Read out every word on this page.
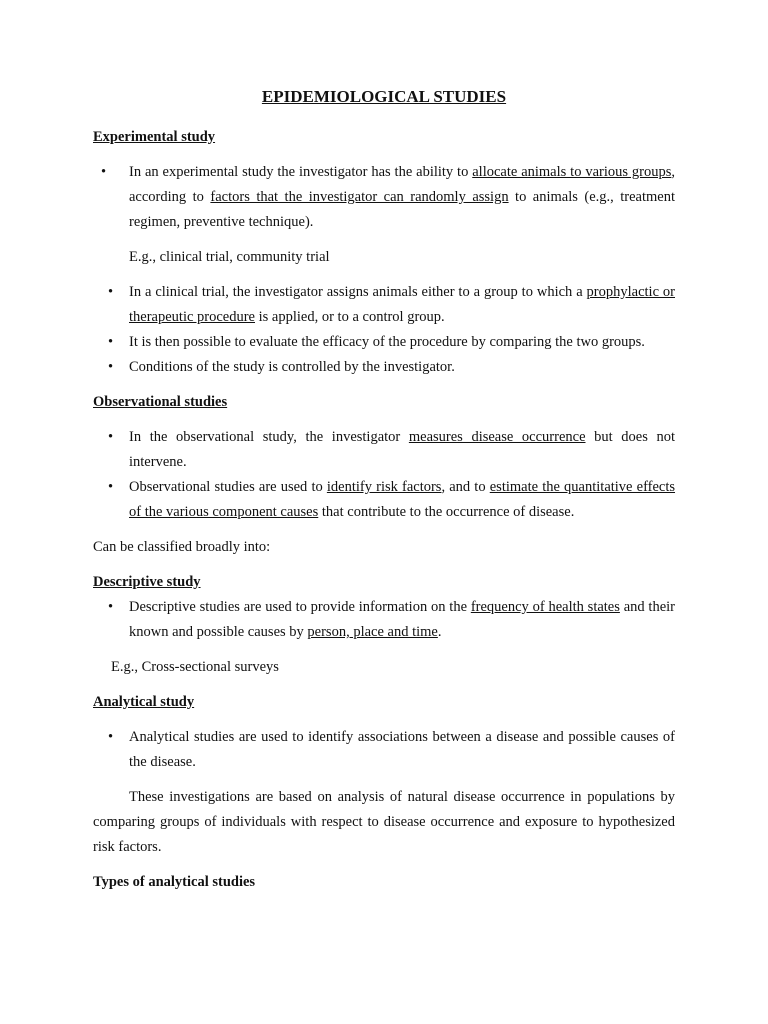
EPIDEMIOLOGICAL STUDIES
Experimental study
•	In an experimental study the investigator has the ability to allocate animals to various groups, according to factors that the investigator can randomly assign to animals (e.g., treatment regimen, preventive technique).

E.g., clinical trial, community trial

•	In a clinical trial, the investigator assigns animals either to a group to which a prophylactic or therapeutic procedure is applied, or to a control group.
•	It is then possible to evaluate the efficacy of the procedure by comparing the two groups.
•	Conditions of the study is controlled by the investigator.
Observational studies
•	In the observational study, the investigator measures disease occurrence but does not intervene.
•	Observational studies are used to identify risk factors, and to estimate the quantitative effects of the various component causes that contribute to the occurrence of disease.

Can be classified broadly into:

Descriptive study
•	Descriptive studies are used to provide information on the frequency of health states and their known and possible causes by person, place and time.

E.g., Cross-sectional surveys

Analytical study
•	Analytical studies are used to identify associations between a disease and possible causes of the disease.

These investigations are based on analysis of natural disease occurrence in populations by comparing groups of individuals with respect to disease occurrence and exposure to hypothesized risk factors.

Types of analytical studies
